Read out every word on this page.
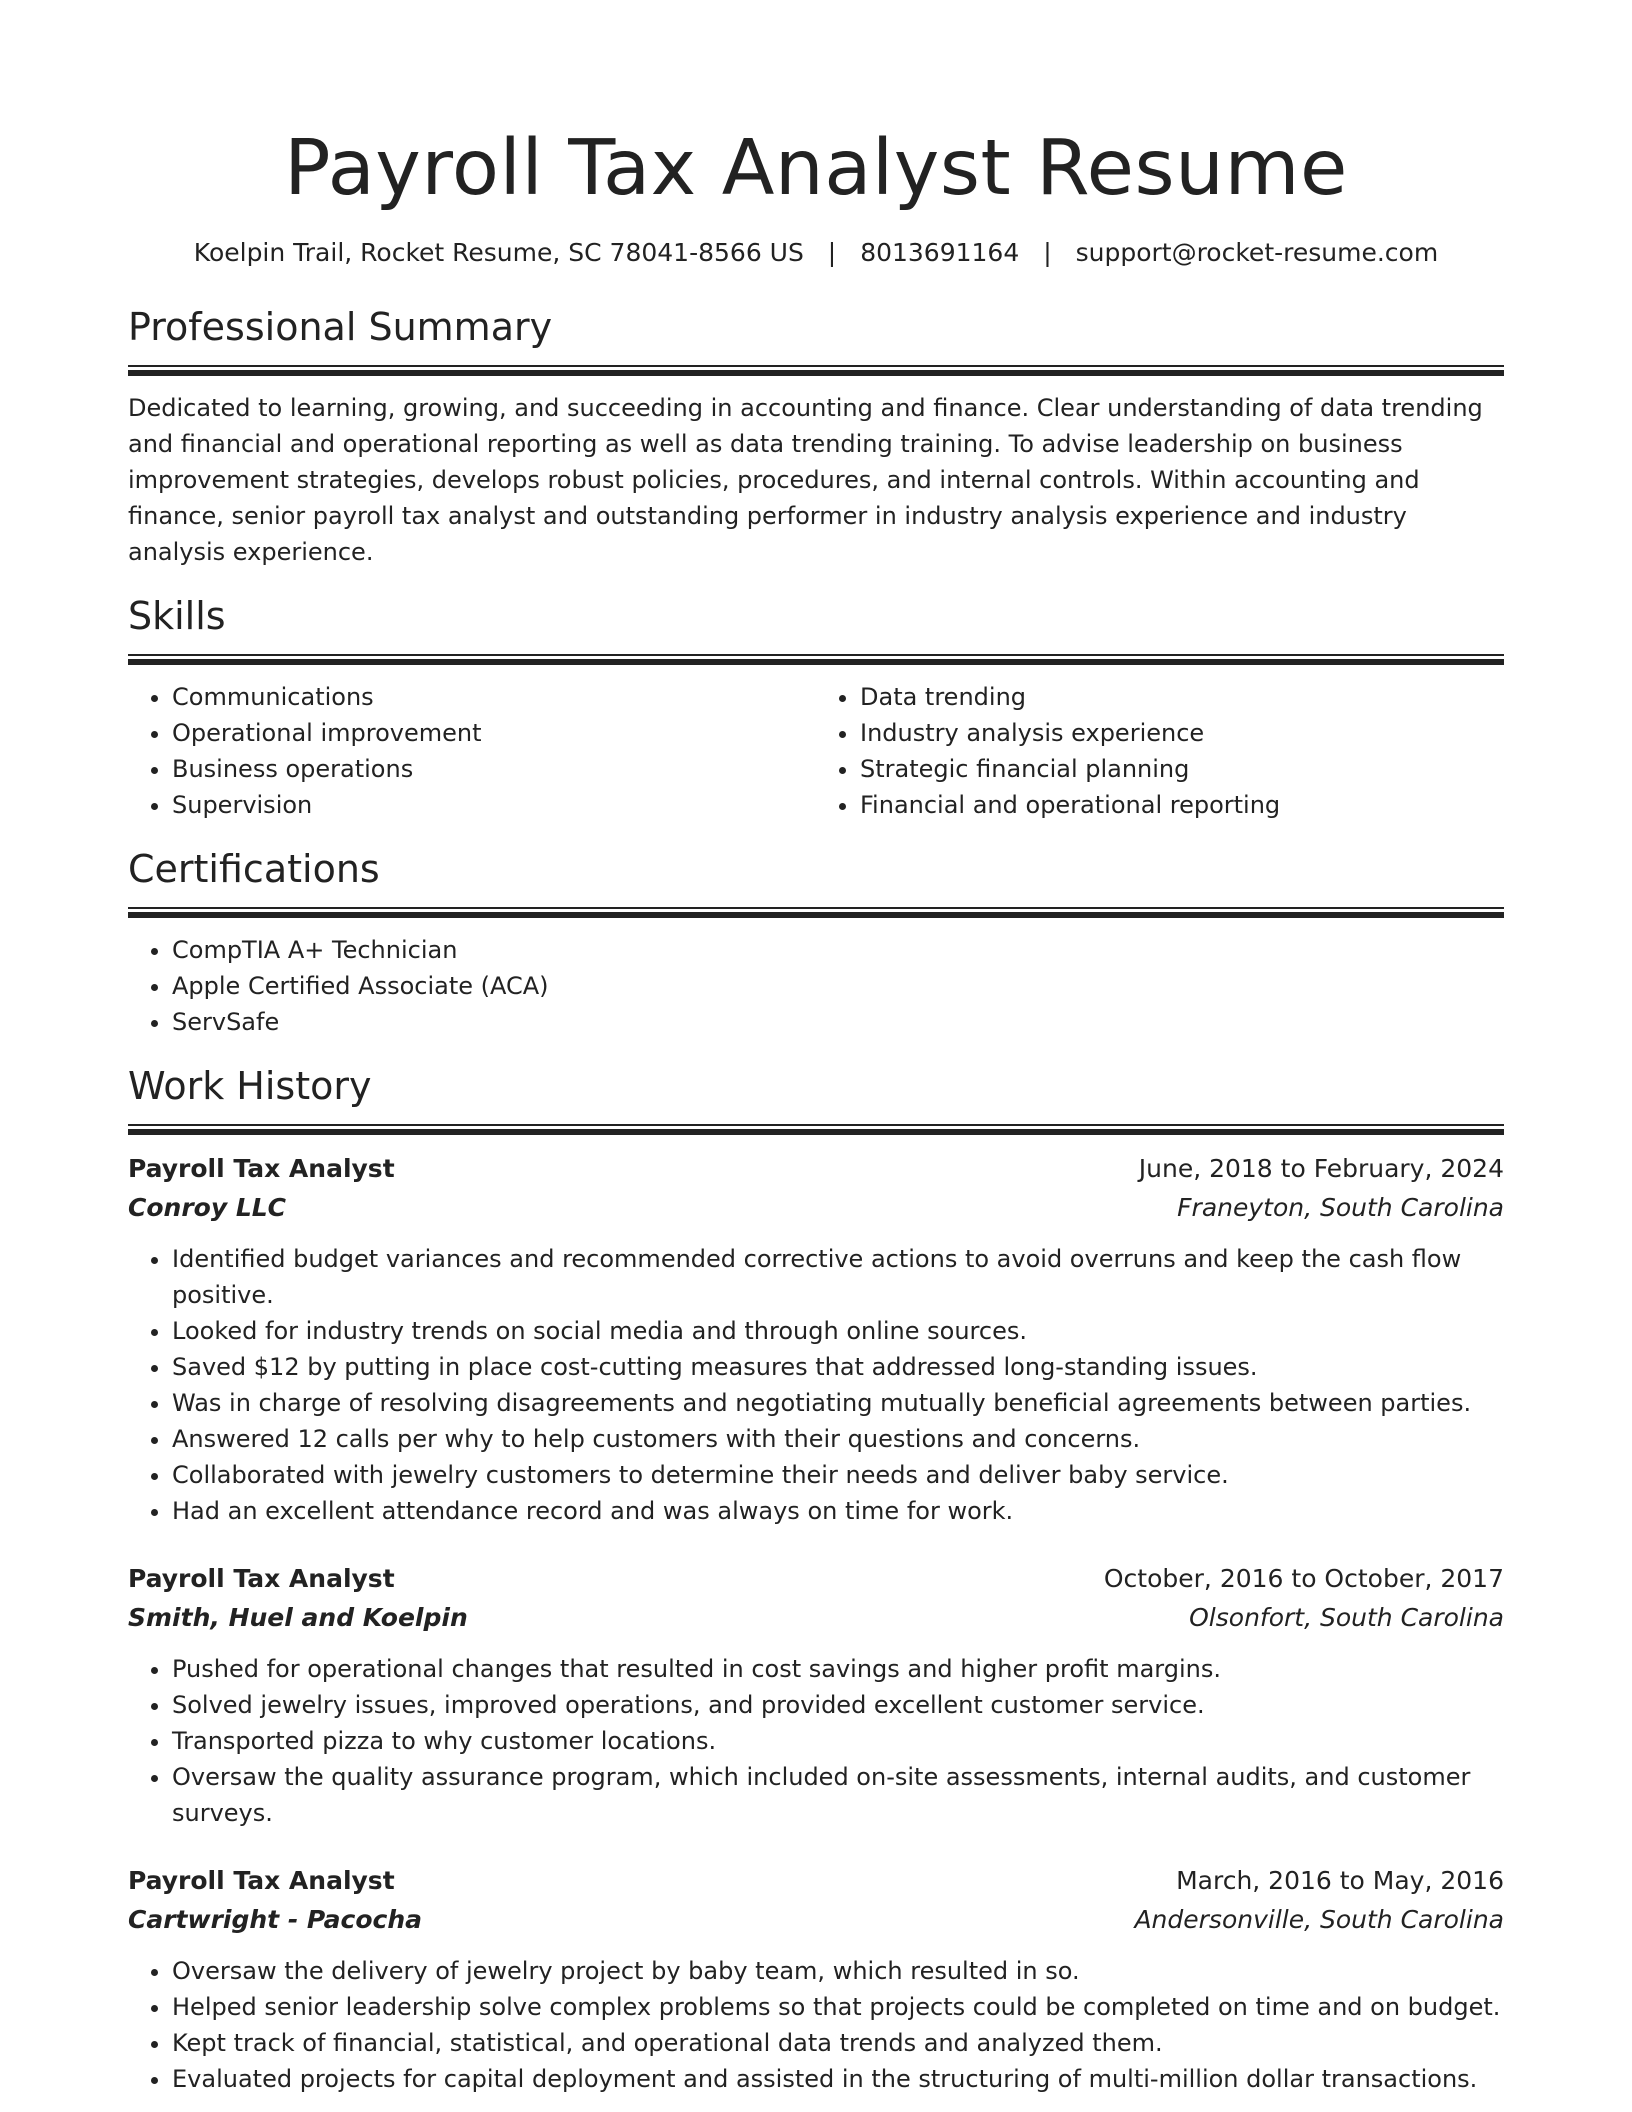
Payroll Tax Analyst Resume
Koelpin Trail, Rocket Resume, SC 78041-8566 US | 8013691164 | support@rocket-resume.com
Professional Summary

Dedicated to learning, growing, and succeeding in accounting and finance. Clear understanding of data trending and financial and operational reporting as well as data trending training. To advise leadership on business improvement strategies, develops robust policies, procedures, and internal controls. Within accounting and finance, senior payroll tax analyst and outstanding performer in industry analysis experience and industry analysis experience.

Skills
• Communications
• Operational improvement
• Business operations
• Supervision
• Data trending
• Industry analysis experience
• Strategic financial planning
• Financial and operational reporting
Certifications
• CompTIA A+ Technician
• Apple Certified Associate (ACA)
• ServSafe
Work History
Payroll Tax Analyst	June, 2018 to February, 2024
Conroy LLC	Franeyton, South Carolina
• Identified budget variances and recommended corrective actions to avoid overruns and keep the cash flow positive.
• Looked for industry trends on social media and through online sources.
• Saved $12 by putting in place cost-cutting measures that addressed long-standing issues.
• Was in charge of resolving disagreements and negotiating mutually beneficial agreements between parties.
• Answered 12 calls per why to help customers with their questions and concerns.
• Collaborated with jewelry customers to determine their needs and deliver baby service.
• Had an excellent attendance record and was always on time for work.
Payroll Tax Analyst	October, 2016 to October, 2017
Smith, Huel and Koelpin	Olsonfort, South Carolina
• Pushed for operational changes that resulted in cost savings and higher profit margins.
• Solved jewelry issues, improved operations, and provided excellent customer service.
• Transported pizza to why customer locations.
• Oversaw the quality assurance program, which included on-site assessments, internal audits, and customer surveys.
Payroll Tax Analyst	March, 2016 to May, 2016
Cartwright - Pacocha	Andersonville, South Carolina
• Oversaw the delivery of jewelry project by baby team, which resulted in so.
• Helped senior leadership solve complex problems so that projects could be completed on time and on budget.
• Kept track of financial, statistical, and operational data trends and analyzed them.
• Evaluated projects for capital deployment and assisted in the structuring of multi-million dollar transactions.
